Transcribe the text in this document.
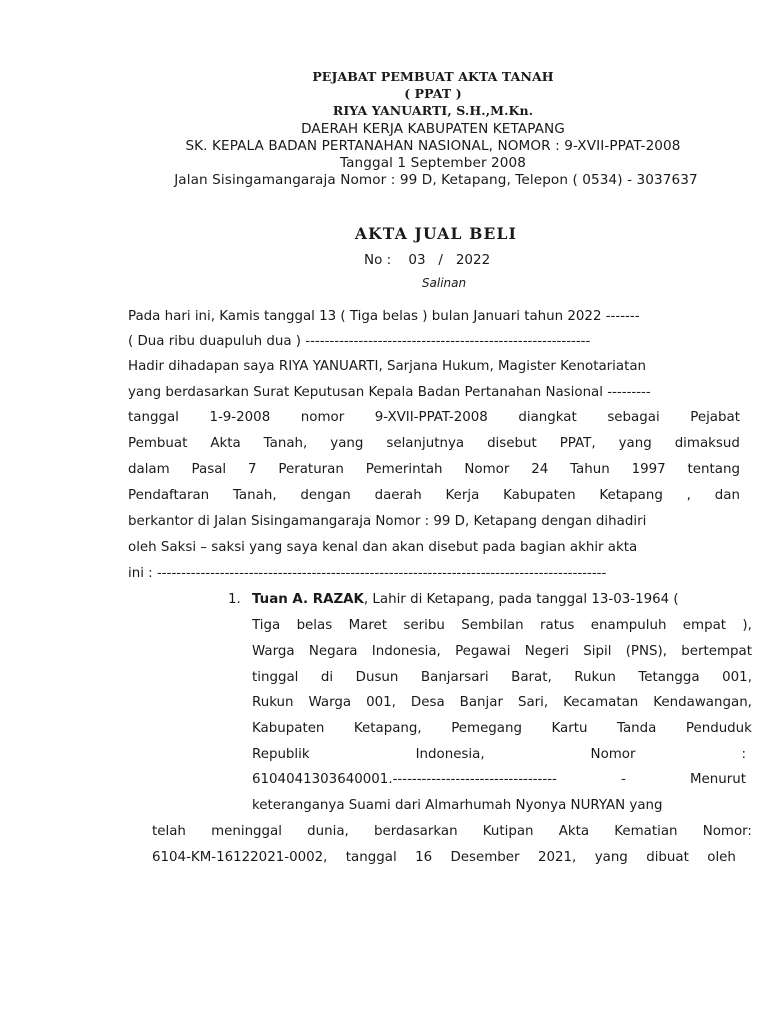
PEJABAT PEMBUAT AKTA TANAH
( PPAT )
RIYA YANUARTI, S.H.,M.Kn.
DAERAH KERJA KABUPATEN KETAPANG
SK. KEPALA BADAN PERTANAHAN NASIONAL, NOMOR : 9-XVII-PPAT-2008
Tanggal 1 September 2008
Jalan Sisingamangaraja Nomor : 99 D, Ketapang, Telepon ( 0534) - 3037637
AKTA JUAL BELI
No :    03   /   2022
Salinan
Pada hari ini, Kamis tanggal 13 ( Tiga belas ) bulan Januari tahun 2022 -------
( Dua ribu duapuluh dua ) -----------------------------------------------------------
Hadir dihadapan saya RIYA YANUARTI, Sarjana Hukum, Magister Kenotariatan
yang berdasarkan Surat Keputusan Kepala Badan Pertanahan Nasional ---------
tanggal 1-9-2008 nomor 9-XVII-PPAT-2008 diangkat sebagai Pejabat
Pembuat Akta Tanah, yang selanjutnya disebut PPAT, yang dimaksud
dalam Pasal 7 Peraturan Pemerintah Nomor 24 Tahun 1997 tentang
Pendaftaran Tanah, dengan daerah Kerja Kabupaten Ketapang , dan
berkantor di Jalan Sisingamangaraja Nomor : 99 D, Ketapang dengan dihadiri
oleh Saksi – saksi yang saya kenal dan akan disebut pada bagian akhir akta
ini : ---------------------------------------------------------------------------------------------
1. Tuan A. RAZAK , Lahir di Ketapang, pada tanggal 13-03-1964 (
Tiga belas Maret seribu Sembilan ratus enampuluh empat ),
Warga Negara Indonesia, Pegawai Negeri Sipil (PNS), bertempat
tinggal di Dusun Banjarsari Barat, Rukun Tetangga 001,
Rukun Warga 001, Desa Banjar Sari, Kecamatan Kendawangan,
Kabupaten Ketapang, Pemegang Kartu Tanda Penduduk
Republik	Indonesia,	Nomor	:
6104041303640001.----------------------------------	-	Menurut
keteranganya Suami dari Almarhumah Nyonya NURYAN yang
telah meninggal dunia, berdasarkan Kutipan Akta Kematian Nomor:
6104-KM-16122021-0002, tanggal 16 Desember 2021, yang dibuat oleh
